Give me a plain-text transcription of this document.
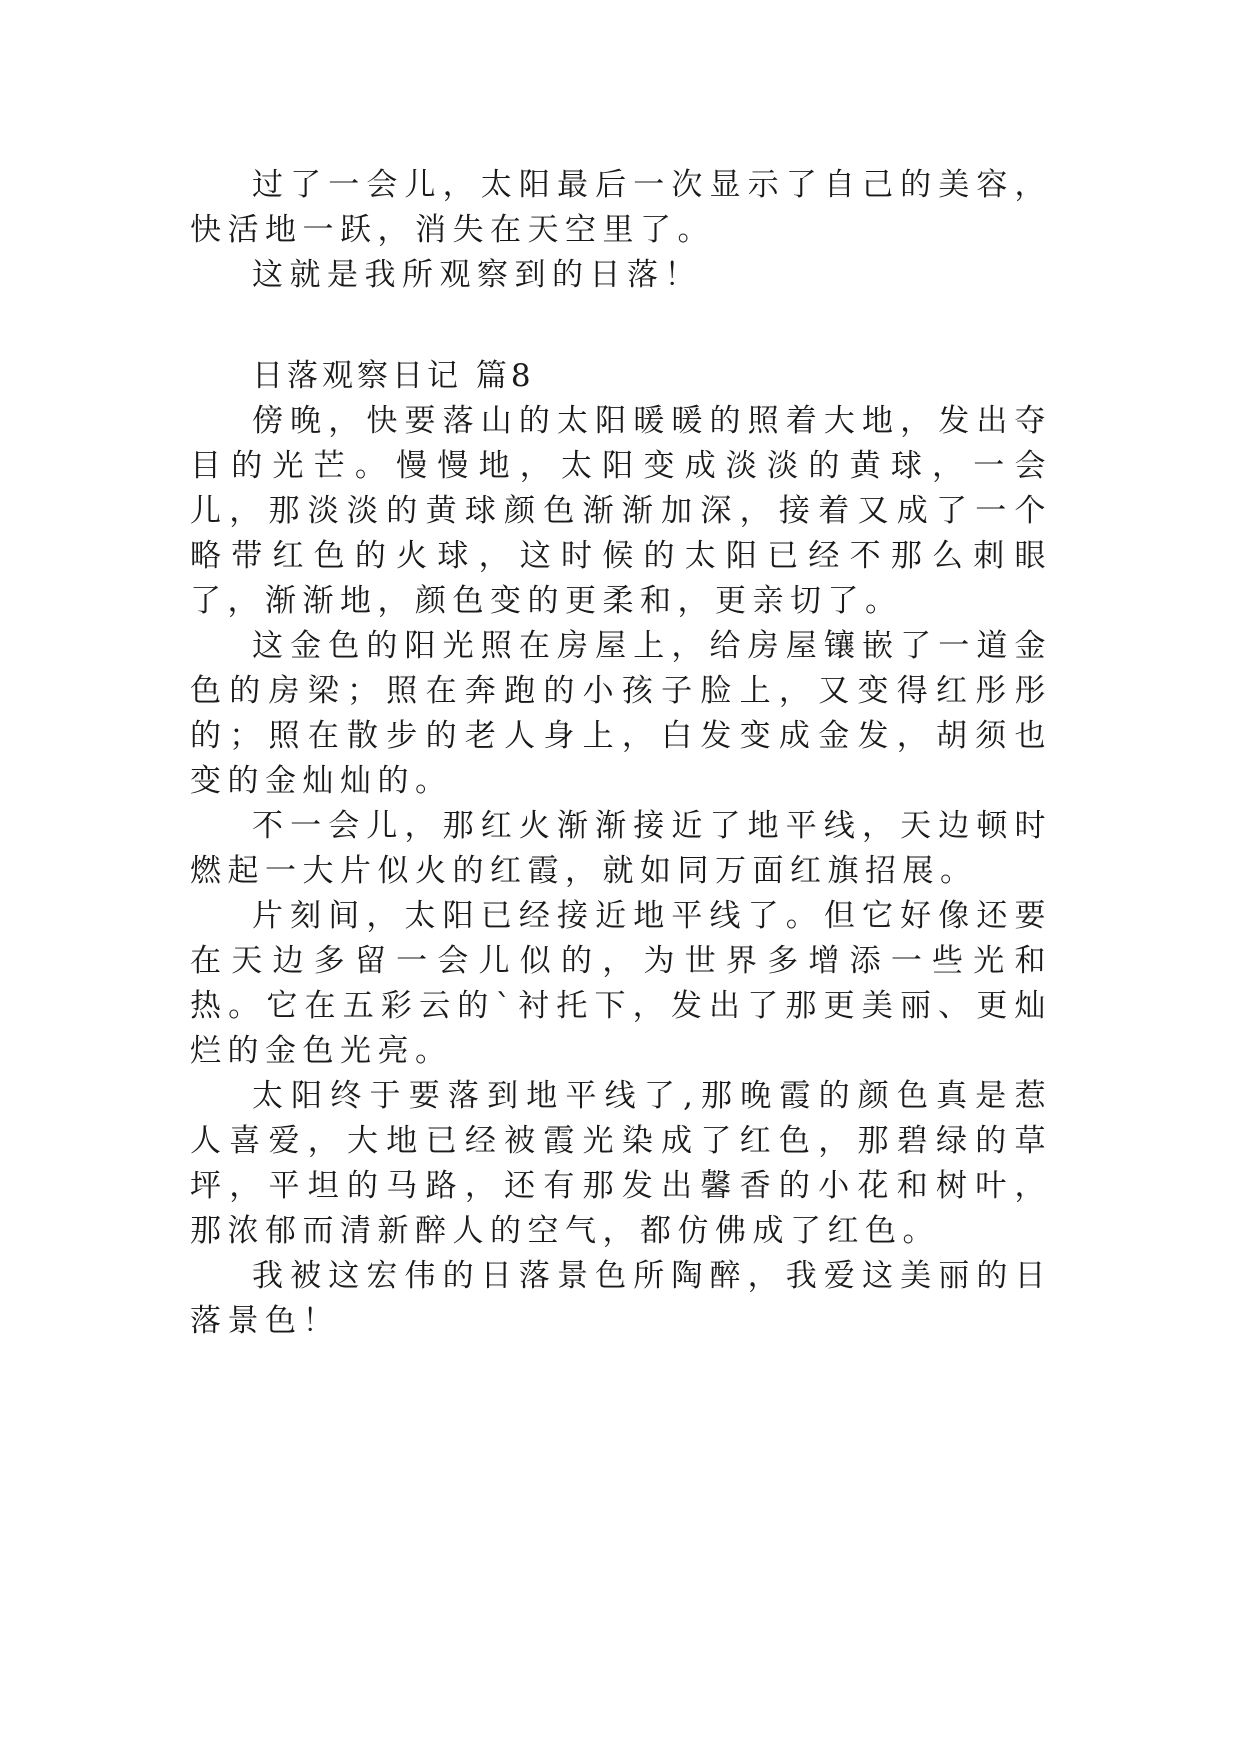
过了一会儿，太阳最后一次显示了自己的美容，快活地一跃，消失在天空里了。

这就是我所观察到的日落！

日落观察日记 篇8

傍晚，快要落山的太阳暖暖的照着大地，发出夺目的光芒。慢慢地，太阳变成淡淡的黄球，一会儿，那淡淡的黄球颜色渐渐加深，接着又成了一个略带红色的火球，这时候的太阳已经不那么刺眼了，渐渐地，颜色变的更柔和，更亲切了。

这金色的阳光照在房屋上，给房屋镶嵌了一道金色的房梁；照在奔跑的小孩子脸上，又变得红彤彤的；照在散步的老人身上，白发变成金发，胡须也变的金灿灿的。

不一会儿，那红火渐渐接近了地平线，天边顿时燃起一大片似火的红霞，就如同万面红旗招展。

片刻间，太阳已经接近地平线了。但它好像还要在天边多留一会儿似的，为世界多增添一些光和热。它在五彩云的`衬托下，发出了那更美丽、更灿烂的金色光亮。

太阳终于要落到地平线了,那晚霞的颜色真是惹人喜爱，大地已经被霞光染成了红色，那碧绿的草坪，平坦的马路，还有那发出馨香的小花和树叶，那浓郁而清新醉人的空气，都仿佛成了红色。

我被这宏伟的日落景色所陶醉，我爱这美丽的日落景色！
